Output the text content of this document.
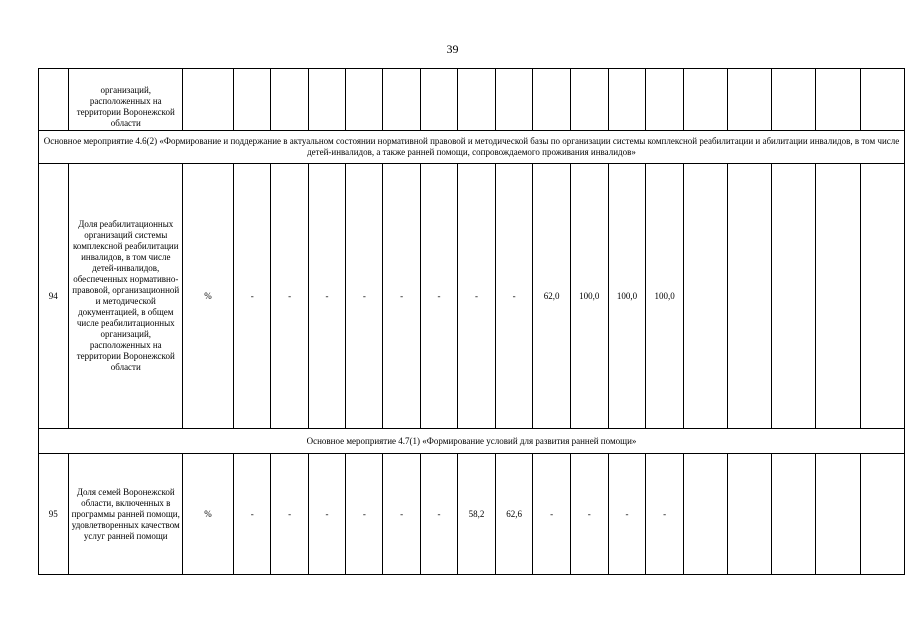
39
	организаций, расположенных на территории Воронежской области																		
Основное мероприятие 4.6(2) «Формирование и поддержание в актуальном состоянии нормативной правовой и методической базы по организации системы комплексной реабилитации и абилитации инвалидов, в том числе детей-инвалидов, а также ранней помощи, сопровождаемого проживания инвалидов»																			
94	Доля реабилитационных организаций системы комплексной реабилитации инвалидов, в том числе детей-инвалидов, обеспеченных нормативно-правовой, организационной и методической документацией, в общем числе реабилитационных организаций, расположенных на территории Воронежской области	%	-	-	-	-	-	-	-	-	62,0	100,0	100,0	100,0					
Основное мероприятие 4.7(1) «Формирование условий для развития ранней помощи»																			
95	Доля семей Воронежской области, включенных в программы ранней помощи, удовлетворенных качеством услуг ранней помощи	%	-	-	-	-	-	-	58,2	62,6	-	-	-	-					
